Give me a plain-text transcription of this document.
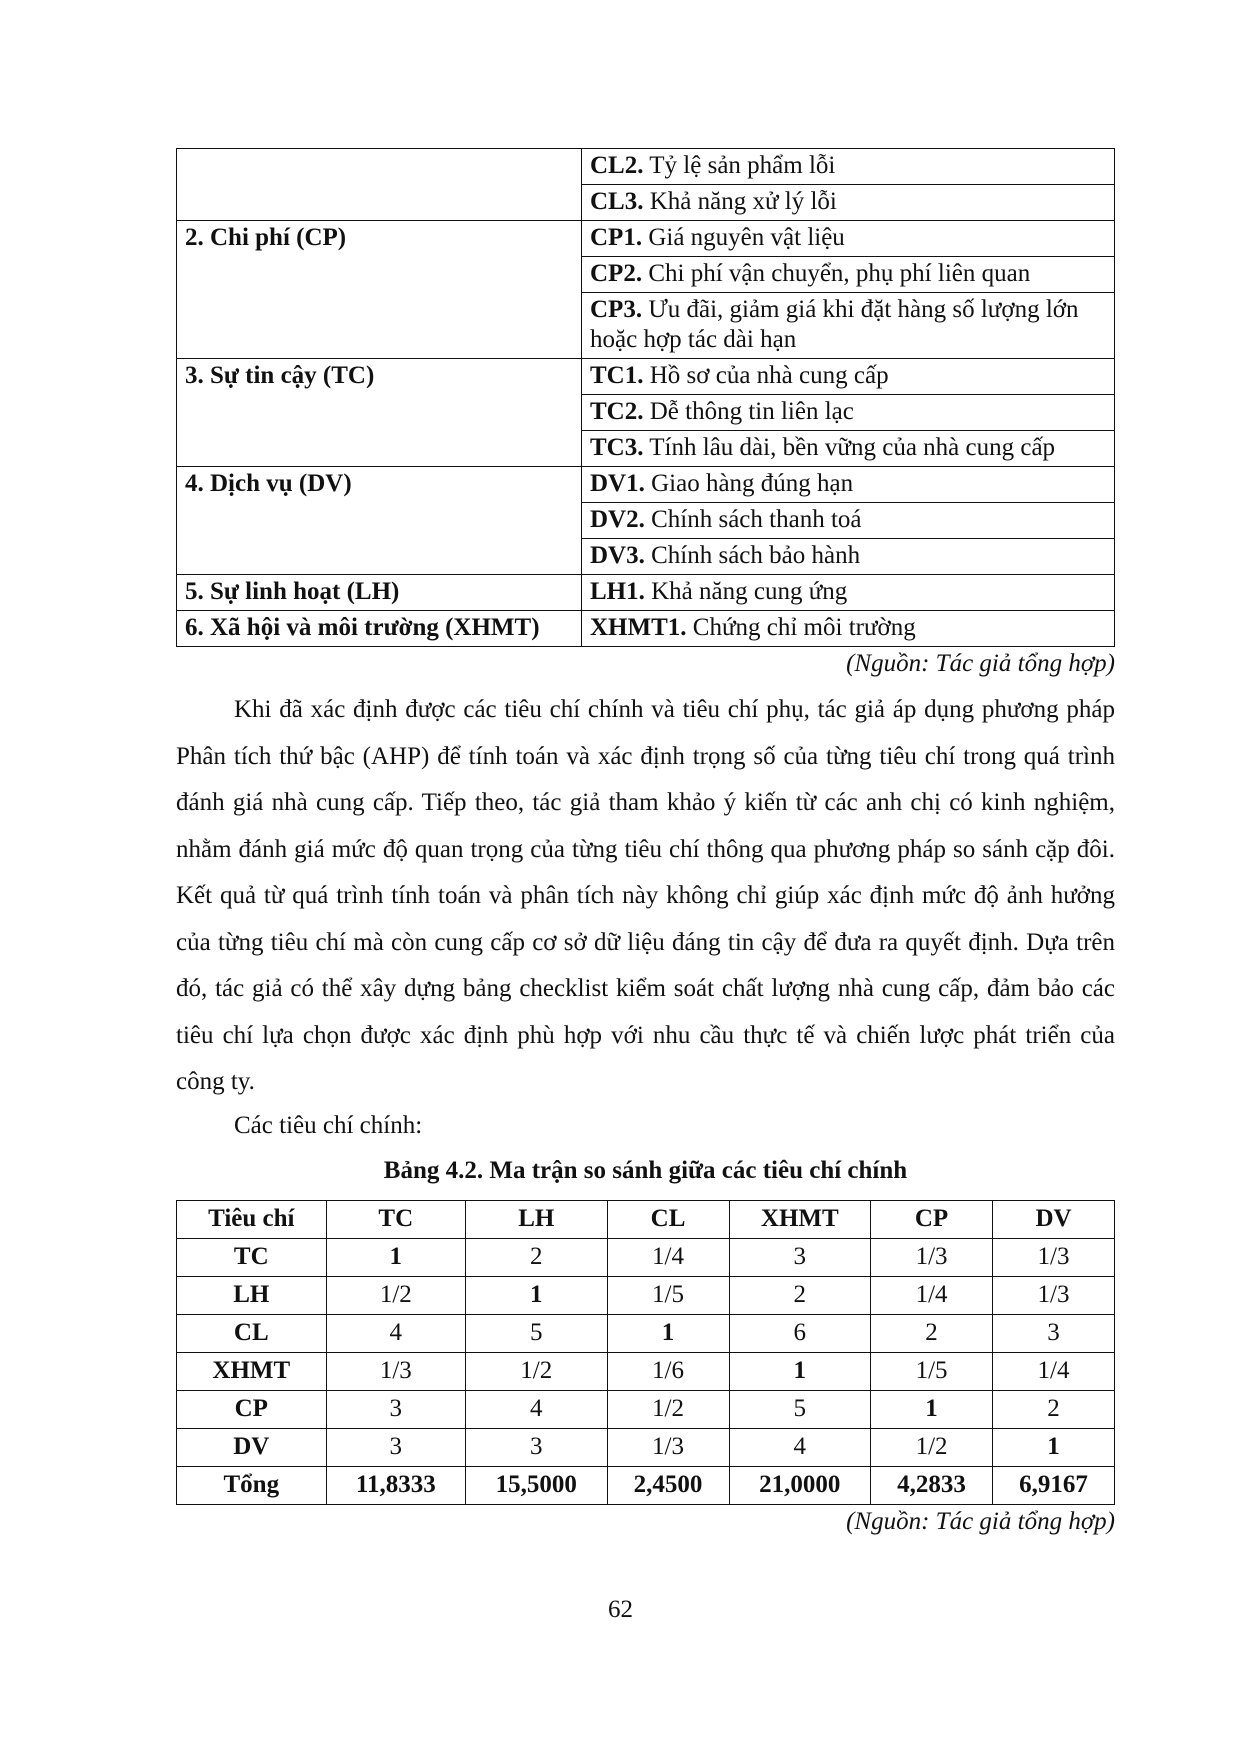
	CL2. Tỷ lệ sản phẩm lỗi
	CL3. Khả năng xử lý lỗi
2. Chi phí (CP)	CP1. Giá nguyên vật liệu
	CP2. Chi phí vận chuyển, phụ phí liên quan
	CP3. Ưu đãi, giảm giá khi đặt hàng số lượng lớn hoặc hợp tác dài hạn
3. Sự tin cậy (TC)	TC1. Hồ sơ của nhà cung cấp
	TC2. Dễ thông tin liên lạc
	TC3. Tính lâu dài, bền vững của nhà cung cấp
4. Dịch vụ (DV)	DV1. Giao hàng đúng hạn
	DV2. Chính sách thanh toá
	DV3. Chính sách bảo hành
5. Sự linh hoạt (LH)	LH1. Khả năng cung ứng
6. Xã hội và môi trường (XHMT)	XHMT1. Chứng chỉ môi trường
(Nguồn: Tác giả tổng hợp)

Khi đã xác định được các tiêu chí chính và tiêu chí phụ, tác giả áp dụng phương pháp Phân tích thứ bậc (AHP) để tính toán và xác định trọng số của từng tiêu chí trong quá trình đánh giá nhà cung cấp. Tiếp theo, tác giả tham khảo ý kiến từ các anh chị có kinh nghiệm, nhằm đánh giá mức độ quan trọng của từng tiêu chí thông qua phương pháp so sánh cặp đôi. Kết quả từ quá trình tính toán và phân tích này không chỉ giúp xác định mức độ ảnh hưởng của từng tiêu chí mà còn cung cấp cơ sở dữ liệu đáng tin cậy để đưa ra quyết định. Dựa trên đó, tác giả có thể xây dựng bảng checklist kiểm soát chất lượng nhà cung cấp, đảm bảo các tiêu chí lựa chọn được xác định phù hợp với nhu cầu thực tế và chiến lược phát triển của công ty.

Các tiêu chí chính:

Bảng 4.2. Ma trận so sánh giữa các tiêu chí chính
Tiêu chí	TC	LH	CL	XHMT	CP	DV
TC	1	2	1/4	3	1/3	1/3
LH	1/2	1	1/5	2	1/4	1/3
CL	4	5	1	6	2	3
XHMT	1/3	1/2	1/6	1	1/5	1/4
CP	3	4	1/2	5	1	2
DV	3	3	1/3	4	1/2	1
Tổng	11,8333	15,5000	2,4500	21,0000	4,2833	6,9167
(Nguồn: Tác giả tổng hợp)
62
